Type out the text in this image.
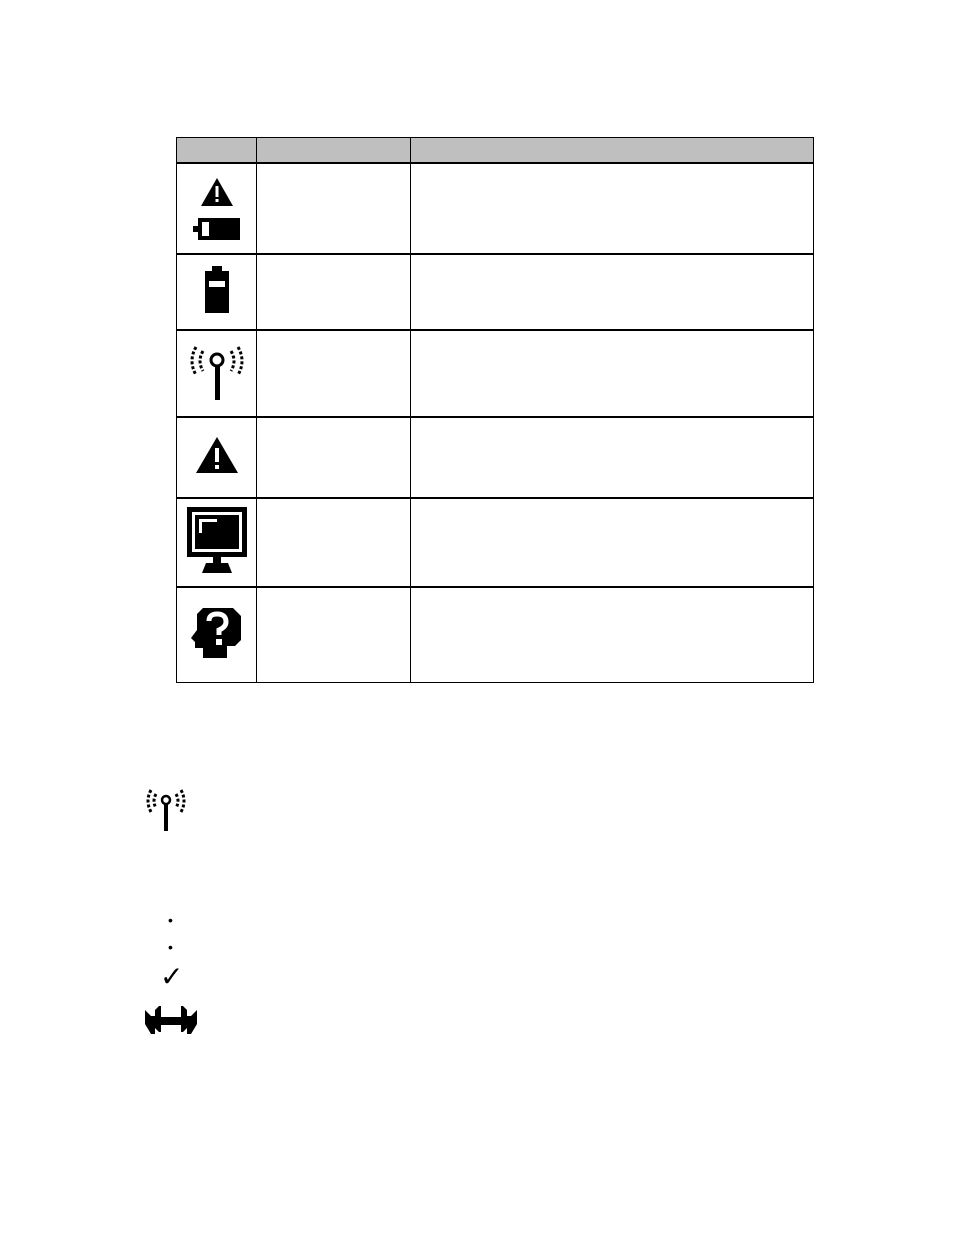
•
•
✓
